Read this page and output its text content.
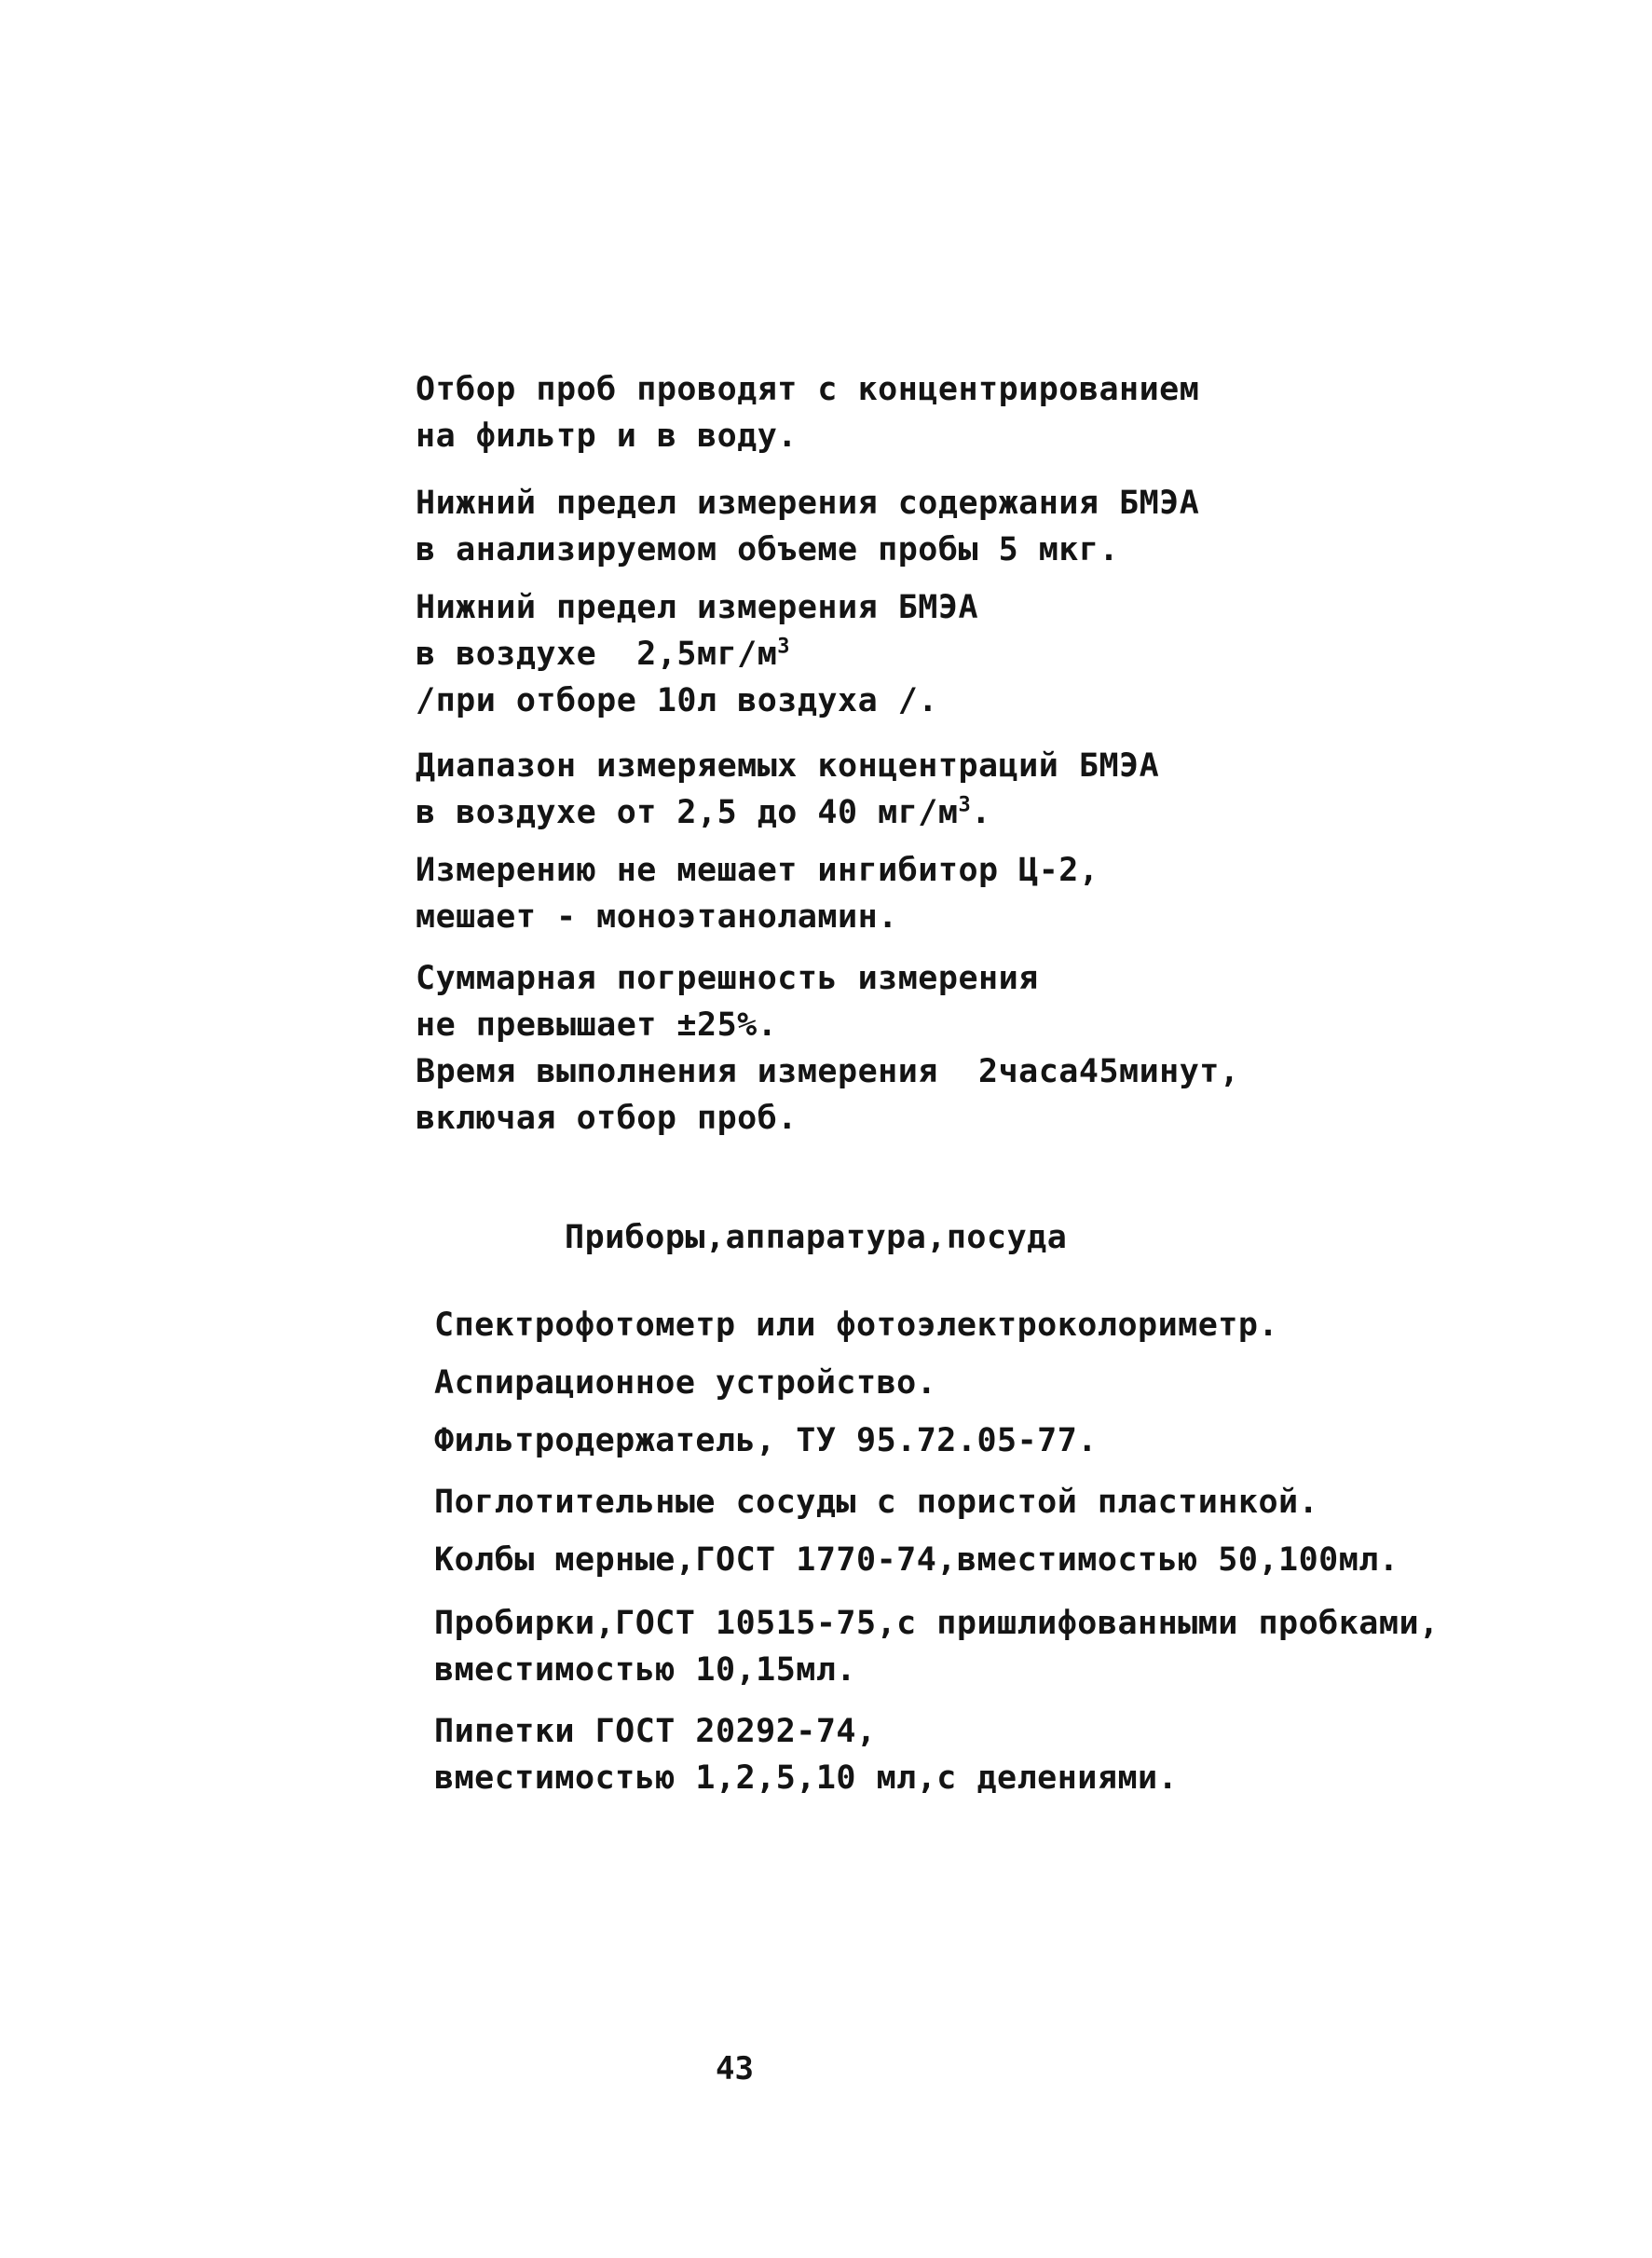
Отбор проб проводят с концентрированием
на фильтр и в воду.
Нижний предел измерения содержания БМЭА
в анализируемом объеме пробы 5 мкг.
Нижний предел измерения БМЭА
в воздухе  $2,5мг/м^3$
/при отборе 10л воздуха /.
Диапазон измеряемых концентраций БМЭА
в воздухе от 2,5 до 40 $мг/м^3$.
Измерению не мешает ингибитор Ц-2,
мешает - моноэтаноламин.
Суммарная погрешность измерения
не превышает ±25%.
Время выполнения измерения  2часа45минут,
включая отбор проб.
Приборы,аппаратура,посуда
Спектрофотометр или фотоэлектроколориметр.
Аспирационное устройство.
Фильтродержатель, ТУ 95.72.05-77.
Поглотительные сосуды с пористой пластинкой.
Колбы мерные,ГОСТ 1770-74,вместимостью 50,100мл.
Пробирки,ГОСТ 10515-75,с пришлифованными пробками,
вместимостью 10,15мл.
Пипетки ГОСТ 20292-74,
вместимостью 1,2,5,10 мл,с делениями.
43
